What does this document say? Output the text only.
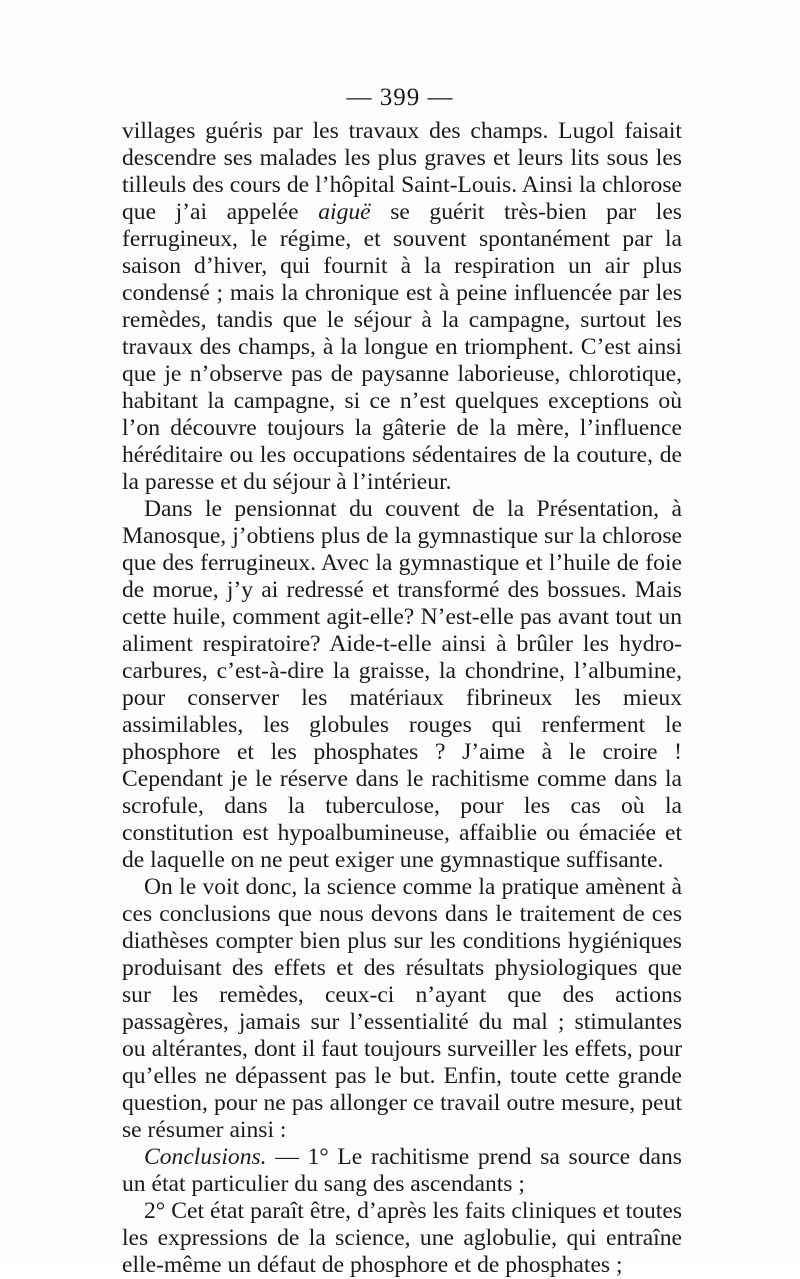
— 399 —

villages guéris par les travaux des champs. Lugol faisait descendre ses malades les plus graves et leurs lits sous les tilleuls des cours de l’hôpital Saint-Louis. Ainsi la chlorose que j’ai appelée aiguë se guérit très-bien par les ferrugineux, le régime, et souvent spontanément par la saison d’hiver, qui fournit à la respiration un air plus condensé ; mais la chronique est à peine influencée par les remèdes, tandis que le séjour à la campagne, surtout les travaux des champs, à la longue en triomphent. C’est ainsi que je n’observe pas de paysanne laborieuse, chlorotique, habitant la campagne, si ce n’est quelques exceptions où l’on découvre toujours la gâterie de la mère, l’influence héréditaire ou les occupations sédentaires de la couture, de la paresse et du séjour à l’intérieur.

Dans le pensionnat du couvent de la Présentation, à Manosque, j’obtiens plus de la gymnastique sur la chlorose que des ferrugineux. Avec la gymnastique et l’huile de foie de morue, j’y ai redressé et transformé des bossues. Mais cette huile, comment agit-elle? N’est-elle pas avant tout un aliment respiratoire? Aide-t-elle ainsi à brûler les hydro-carbures, c’est-à-dire la graisse, la chondrine, l’albumine, pour conserver les matériaux fibrineux les mieux assimilables, les globules rouges qui renferment le phosphore et les phosphates ? J’aime à le croire ! Cependant je le réserve dans le rachitisme comme dans la scrofule, dans la tuberculose, pour les cas où la constitution est hypoalbumineuse, affaiblie ou émaciée et de laquelle on ne peut exiger une gymnastique suffisante.

On le voit donc, la science comme la pratique amènent à ces conclusions que nous devons dans le traitement de ces diathèses compter bien plus sur les conditions hygiéniques produisant des effets et des résultats physiologiques que sur les remèdes, ceux-ci n’ayant que des actions passagères, jamais sur l’essentialité du mal ; stimulantes ou altérantes, dont il faut toujours surveiller les effets, pour qu’elles ne dépassent pas le but. Enfin, toute cette grande question, pour ne pas allonger ce travail outre mesure, peut se résumer ainsi :

Conclusions. — 1° Le rachitisme prend sa source dans un état particulier du sang des ascendants ;

2° Cet état paraît être, d’après les faits cliniques et toutes les expressions de la science, une aglobulie, qui entraîne elle-même un défaut de phosphore et de phosphates ;
